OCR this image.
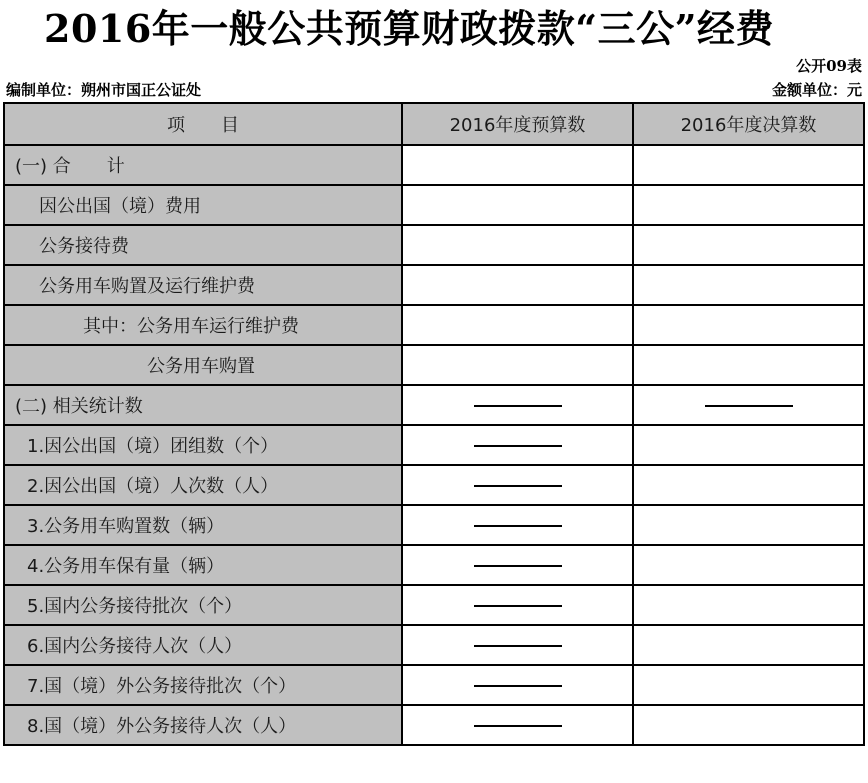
2016年一般公共预算财政拨款“三公”经费
公开09表
编制单位：朔州市国正公证处	金额单位：元
项　　目	2016年度预算数	2016年度决算数
(一) 合　　计		
因公出国（境）费用		
公务接待费		
公务用车购置及运行维护费		
其中：公务用车运行维护费		
公务用车购置		
(二) 相关统计数		
1.因公出国（境）团组数（个）		
2.因公出国（境）人次数（人）		
3.公务用车购置数（辆）		
4.公务用车保有量（辆）		
5.国内公务接待批次（个）		
6.国内公务接待人次（人）		
7.国（境）外公务接待批次（个）		
8.国（境）外公务接待人次（人）		
